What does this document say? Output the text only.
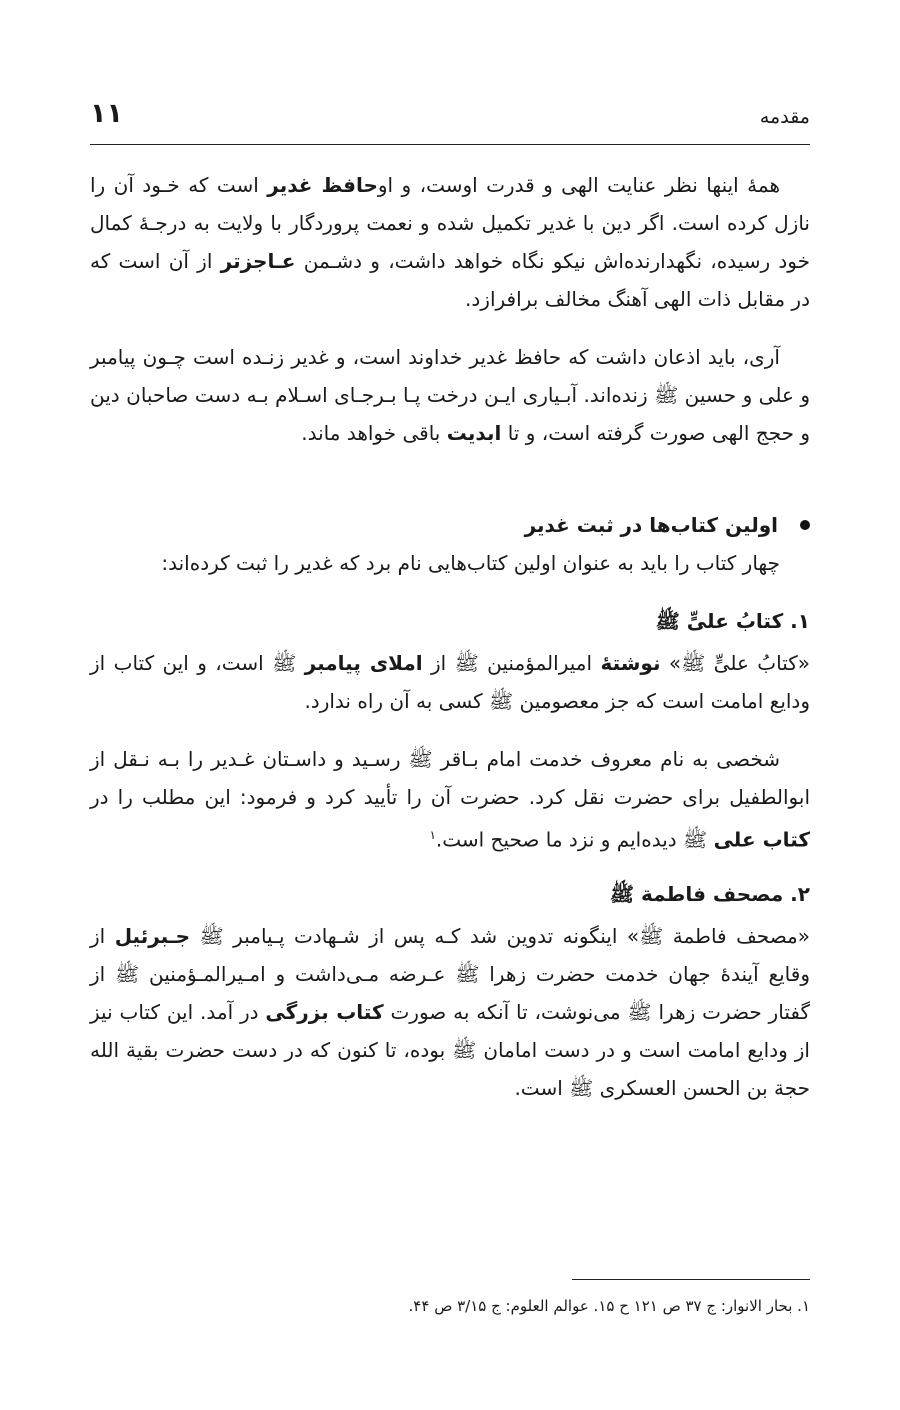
مقدمه
۱۱

همهٔ اینها نظر عنایت الهی و قدرت اوست، و اوحافظ غدیر است که خـود آن را نازل کرده است. اگر دین با غدیر تکمیل شده و نعمت پروردگار با ولایت به درجـهٔ کمال خود رسیده، نگهدارنده‌اش نیکو نگاه خواهد داشت، و دشـمن عـاجزتر از آن است که در مقابل ذات الهی آهنگ مخالف برافرازد.

آری، باید اذعان داشت که حافظ غدیر خداوند است، و غدیر زنـده است چـون پیامبر و علی و حسین ﷺ زنده‌اند. آبـیاری ایـن درخت پـا بـرجـای اسـلام بـه دست صاحبان دین و حجج الهی صورت گرفته است، و تا ابدیت باقی خواهد ماند.

اولین کتاب‌ها در ثبت غدیر

چهار کتاب را باید به عنوان اولین کتاب‌هایی نام برد که غدیر را ثبت کرده‌اند:

۱. کتابُ علیٍّ ﷺ

«کتابُ علیٍّ ﷺ» نوشتهٔ امیرالمؤمنین ﷺ از املای پیامبر ﷺ است، و این کتاب از ودایع امامت است که جز معصومین ﷺ کسی به آن راه ندارد.

شخصی به نام معروف خدمت امام بـاقر ﷺ رسـید و داسـتان غـدیر را بـه نـقل از ابوالطفیل برای حضرت نقل کرد. حضرت آن را تأیید کرد و فرمود: این مطلب را در کتاب علی ﷺ دیده‌ایم و نزد ما صحیح است.$^۱$

۲. مصحف فاطمة ﷺ

«مصحف فاطمة ﷺ» اینگونه تدوین شد کـه پس از شـهادت پـیامبر ﷺ جـبرئیل از وقایع آیندهٔ جهان خدمت حضرت زهرا ﷺ عـرضه مـی‌داشت و امـیرالمـؤمنین ﷺ از گفتار حضرت زهرا ﷺ می‌نوشت، تا آنکه به صورت کتاب بزرگی در آمد. این کتاب نیز از ودایع امامت است و در دست امامان ﷺ بوده، تا کنون که در دست حضرت بقیة الله حجة بن الحسن العسکری ﷺ است.

۱. بحار الانوار: ج ۳۷ ص ۱۲۱ ح ۱۵. عوالم العلوم: ج ۳/۱۵ ص ۴۴.
